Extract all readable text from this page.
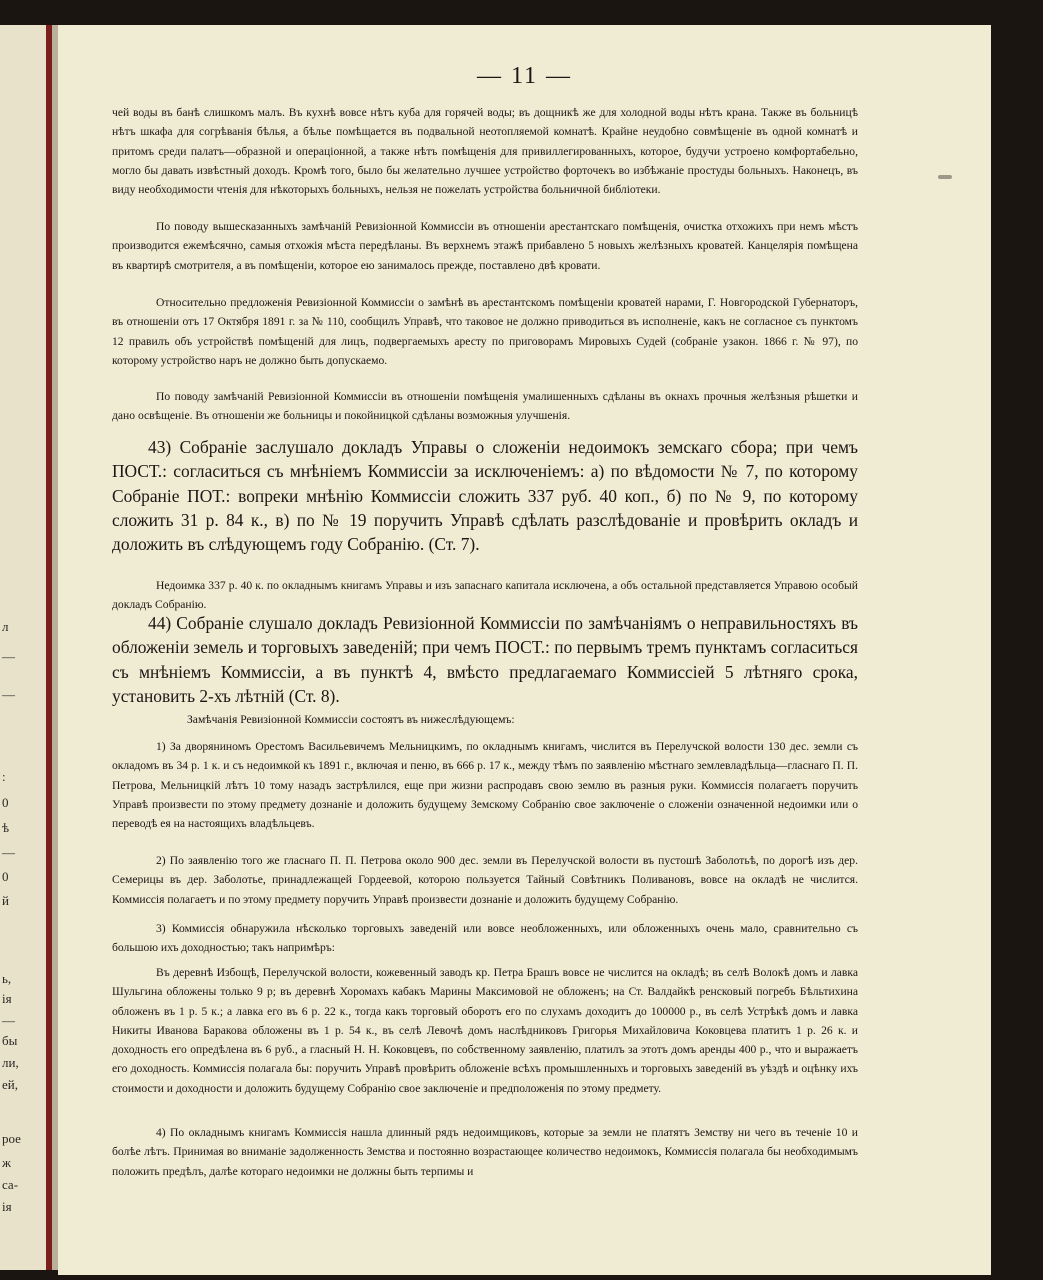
л
—
—
:
0
ѣ
—
0
й
ь,
ія
—
бы
ли,
ей,
рое
ж
са-
ія
— 11 —
чей воды въ банѣ слишкомъ малъ. Въ кухнѣ вовсе нѣтъ куба для горячей воды; въ дощникѣ же для холодной воды нѣтъ крана. Также въ больницѣ нѣтъ шкафа для согрѣванія бѣлья, а бѣлье помѣщается въ подвальной неотопляемой комнатѣ. Крайне неудобно совмѣщеніе въ одной комнатѣ и притомъ среди палатъ—образной и операціонной, а также нѣтъ помѣщенія для привиллегированныхъ, которое, будучи устроено комфортабельно, могло бы давать извѣстный доходъ. Кромѣ того, было бы желательно лучшее устройство форточекъ во избѣжаніе простуды больныхъ. Наконецъ, въ виду необходимости чтенія для нѣкоторыхъ больныхъ, нельзя не пожелать устройства больничной библіотеки.
По поводу вышесказанныхъ замѣчаній Ревизіонной Коммиссіи въ отношеніи арестантскаго помѣщенія, очистка отхожихъ при немъ мѣстъ производится ежемѣсячно, самыя отхожія мѣста передѣланы. Въ верхнемъ этажѣ прибавлено 5 новыхъ желѣзныхъ кроватей. Канцелярія помѣщена въ квартирѣ смотрителя, а въ помѣщеніи, которое ею занималось прежде, поставлено двѣ кровати.
Относительно предложенія Ревизіонной Коммиссіи о замѣнѣ въ арестантскомъ помѣщеніи кроватей нарами, Г. Новгородской Губернаторъ, въ отношеніи отъ 17 Октября 1891 г. за № 110, сообщилъ Управѣ, что таковое не должно приводиться въ исполненіе, какъ не согласное съ пунктомъ 12 правилъ объ устройствѣ помѣщеній для лицъ, подвергаемыхъ аресту по приговорамъ Мировыхъ Судей (собраніе узакон. 1866 г. № 97), по которому устройство наръ не должно быть допускаемо.
По поводу замѣчаній Ревизіонной Коммиссіи въ отношеніи помѣщенія умалишенныхъ сдѣланы въ окнахъ прочныя желѣзныя рѣшетки и дано освѣщеніе. Въ отношеніи же больницы и покойницкой сдѣланы возможныя улучшенія.
43) Собраніе заслушало докладъ Управы о сложеніи недоимокъ земскаго сбора; при чемъ ПОСТ.: согласиться съ мнѣніемъ Коммиссіи за исключеніемъ: а) по вѣдомости № 7, по которому Собраніе ПОТ.: вопреки мнѣнію Коммиссіи сложить 337 руб. 40 коп., б) по № 9, по которому сложить 31 р. 84 к., в) по № 19 поручить Управѣ сдѣлать разслѣдованіе и провѣрить окладъ и доложить въ слѣдующемъ году Собранію. (Ст. 7).
Недоимка 337 р. 40 к. по окладнымъ книгамъ Управы и изъ запаснаго капитала исключена, а объ остальной представляется Управою особый докладъ Собранію.
44) Собраніе слушало докладъ Ревизіонной Коммиссіи по замѣчаніямъ о неправильностяхъ въ обложеніи земель и торговыхъ заведеній; при чемъ ПОСТ.: по первымъ тремъ пунктамъ согласиться съ мнѣніемъ Коммиссіи, а въ пунктѣ 4, вмѣсто предлагаемаго Коммиссіей 5 лѣтняго срока, установить 2-хъ лѣтній (Ст. 8).
Замѣчанія Ревизіонной Коммиссіи состоятъ въ нижеслѣдующемъ:
1) За двоpяниномъ Орестомъ Васильевичемъ Мельницкимъ, по окладнымъ книгамъ, числится въ Перелучской волости 130 дес. земли съ окладомъ въ 34 р. 1 к. и съ недоимкой къ 1891 г., включая и пеню, въ 666 р. 17 к., между тѣмъ по заявленію мѣстнаго землевладѣльца—гласнаго П. П. Петрова, Мельницкій лѣтъ 10 тому назадъ застрѣлился, еще при жизни распродавъ свою землю въ разныя руки. Коммиссія полагаетъ поручить Управѣ произвести по этому предмету дознаніе и доложить будущему Земскому Собранію свое заключеніе о сложеніи означенной недоимки или о переводѣ ея на настоящихъ владѣльцевъ.
2) По заявленію того же гласнаго П. П. Петрова около 900 дес. земли въ Перелучской волости въ пустошѣ Заболотьѣ, по дорогѣ изъ дер. Семерицы въ дер. Заболотье, принадлежащей Гордеевой, которою пользуется Тайный Совѣтникъ Поливановъ, вовсе на окладѣ не числится. Коммиссія полагаетъ и по этому предмету поручить Управѣ произвести дознаніе и доложить будущему Собранію.
3) Коммиссія обнаружила нѣсколько торговыхъ заведеній или вовсе необложенныхъ, или обложенныхъ очень мало, сравнительно съ большою ихъ доходностью; такъ напримѣръ:
Въ деревнѣ Избощѣ, Перелучской волости, кожевенный заводъ кр. Петра Брашъ вовсе не числится на окладѣ; въ селѣ Волокѣ домъ и лавка Шульгина обложены только 9 р; въ деревнѣ Хоромахъ кабакъ Марины Максимовой не обложенъ; на Ст. Валдайкѣ ренсковый погребъ Бѣльтихина обложенъ въ 1 р. 5 к.; а лавка его въ 6 р. 22 к., тогда какъ торговый оборотъ его по слухамъ доходитъ до 100000 р., въ селѣ Устрѣкѣ домъ и лавка Никиты Иванова Баракова обложены въ 1 р. 54 к., въ селѣ Левочѣ домъ наслѣдниковъ Григорья Михайловича Коковцева платитъ 1 р. 26 к. и доходность его опредѣлена въ 6 руб., а гласный Н. Н. Коковцевъ, по собственному заявленію, платилъ за этотъ домъ аренды 400 р., что и выражаетъ его доходность. Коммиссія полагала бы: поручить Управѣ провѣрить обложеніе всѣхъ промышленныхъ и торговыхъ заведеній въ уѣздѣ и оцѣнку ихъ стоимости и доходности и доложить будущему Собранію свое заключеніе и предположенія по этому предмету.
4) По окладнымъ книгамъ Коммиссія нашла длинный рядъ недоимщиковъ, которые за земли не платятъ Земству ни чего въ теченіе 10 и болѣе лѣтъ. Принимая во вниманіе задолженность Земства и постоянно возрастающее количество недоимокъ, Коммиссія полагала бы необходимымъ положить предѣлъ, далѣе котораго недоимки не должны быть терпимы и
